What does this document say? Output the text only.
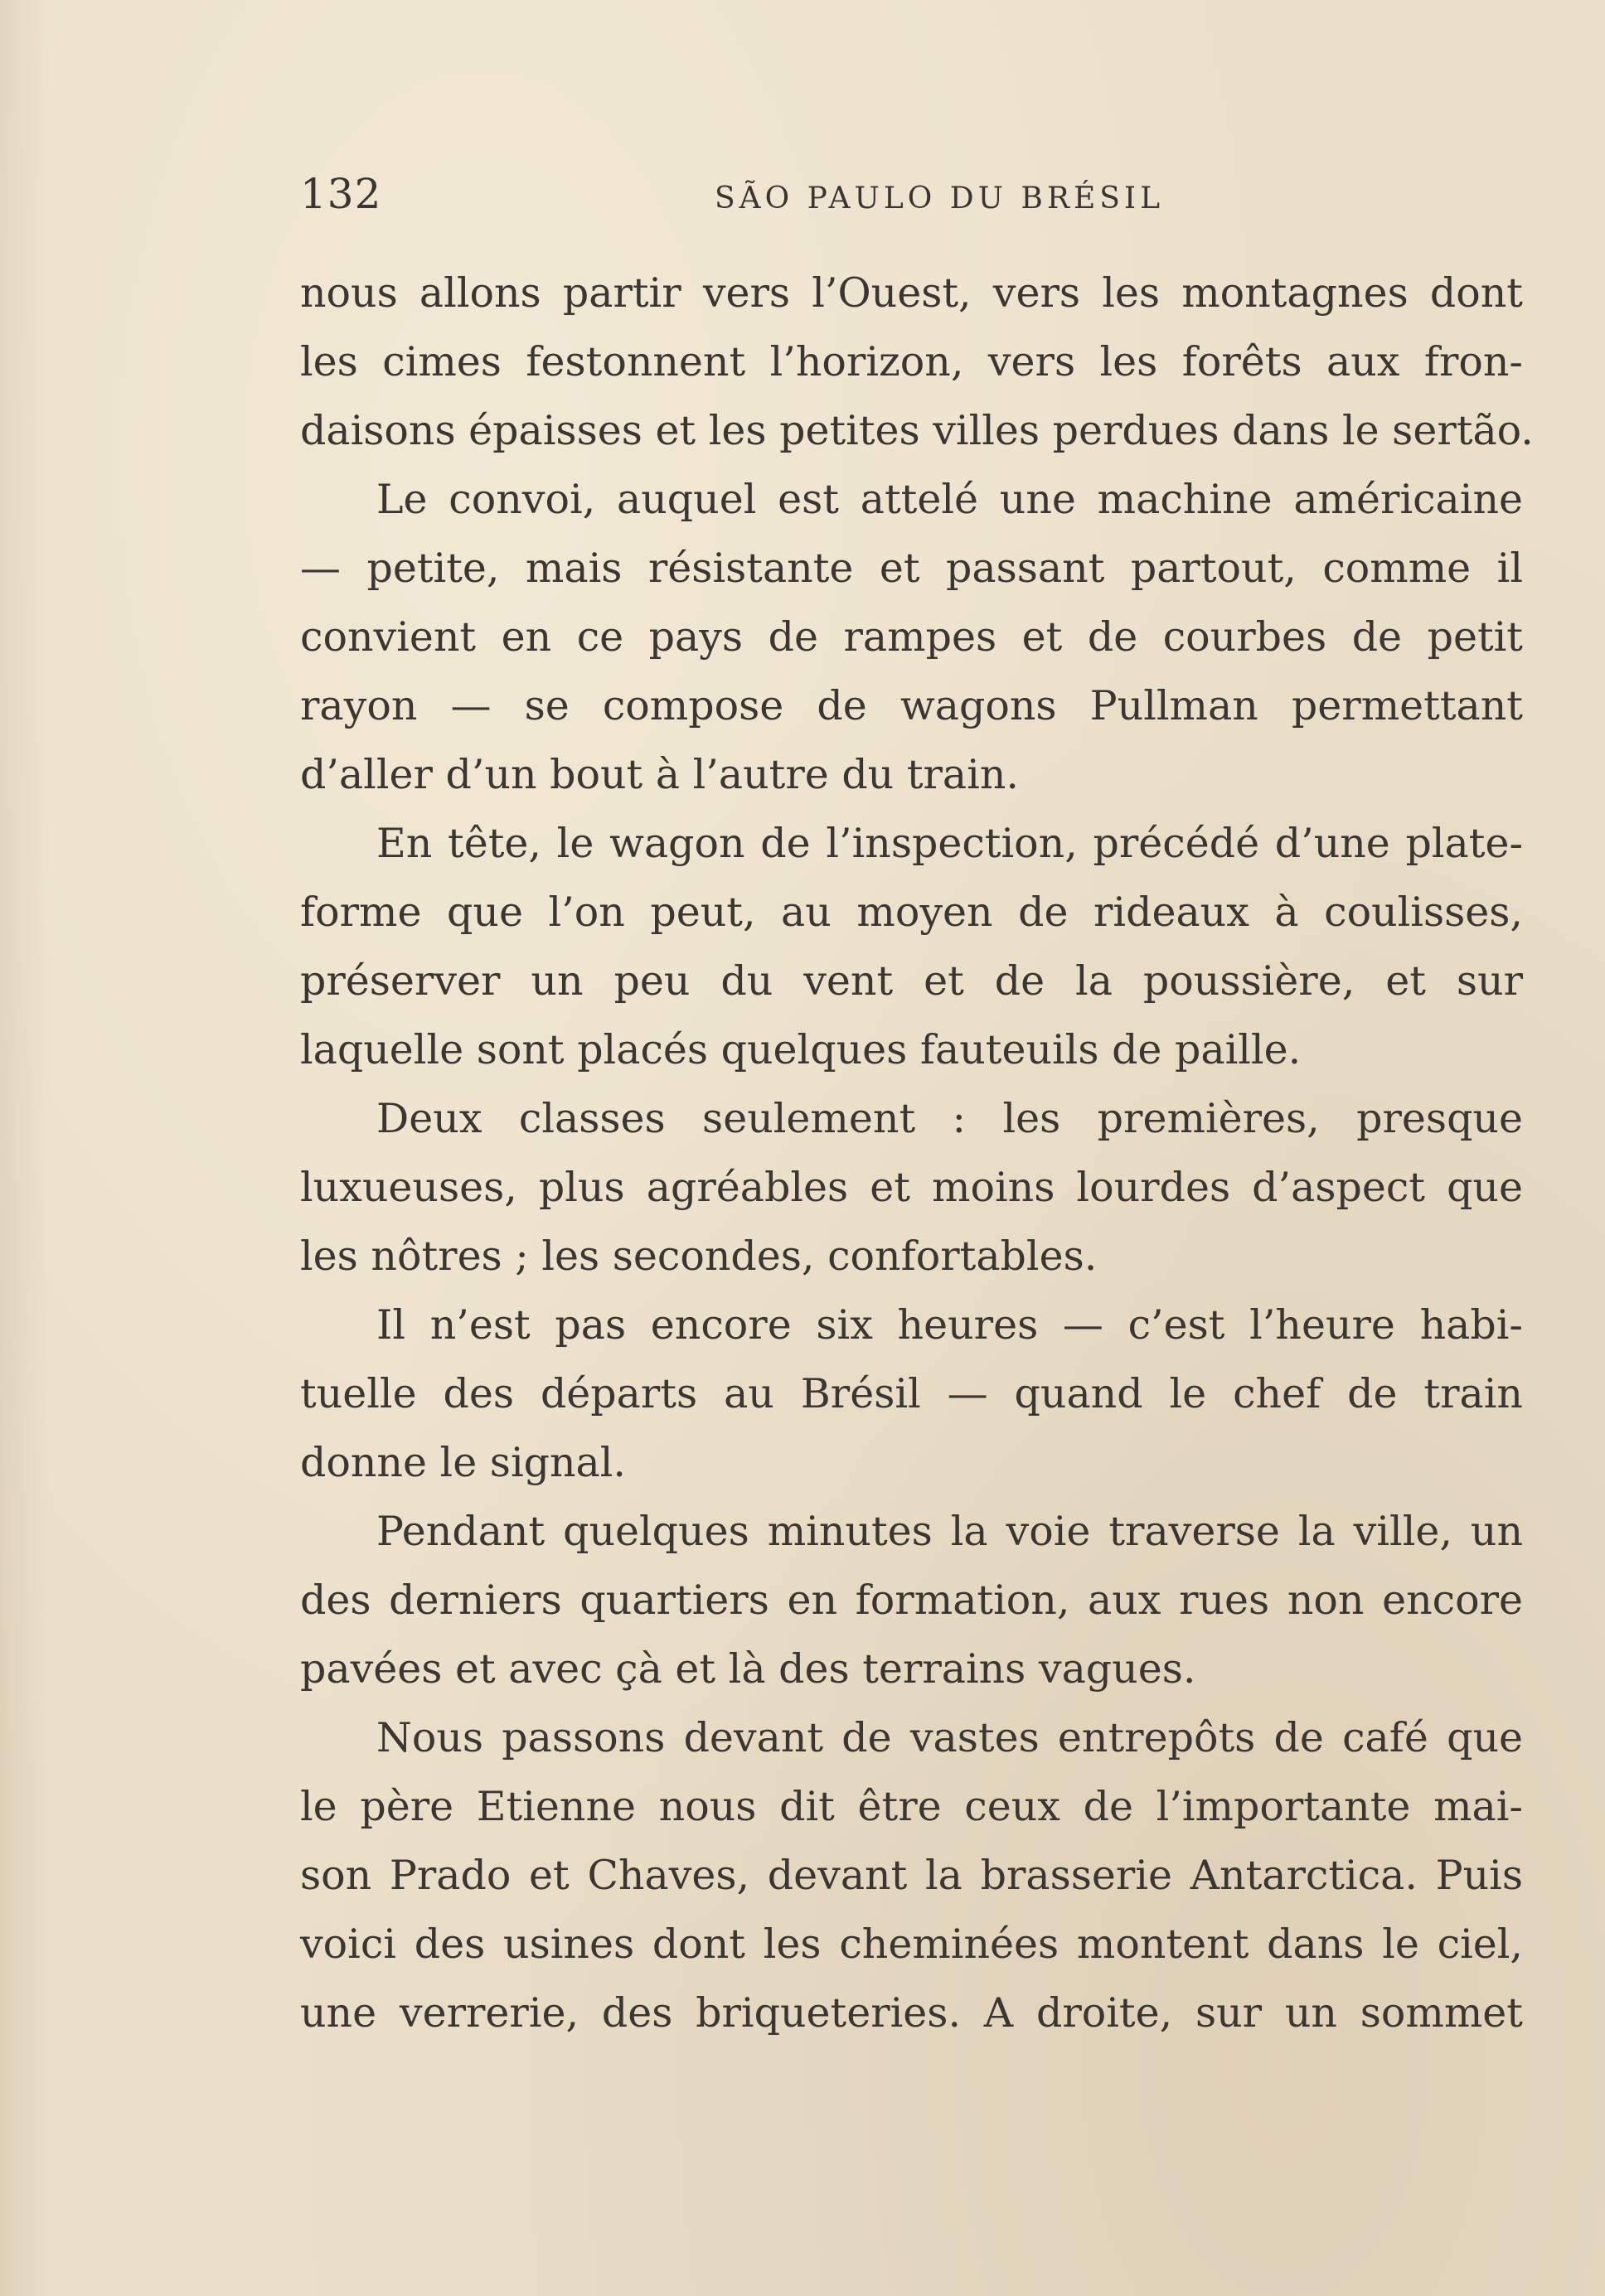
132	SÃO PAULO DU BRÉSIL
nous allons partir vers l’Ouest, vers les montagnes dont
les cimes festonnent l’horizon, vers les forêts aux fron-
daisons épaisses et les petites villes perdues dans le sertão.
Le convoi, auquel est attelé une machine américaine
— petite, mais résistante et passant partout, comme il
convient en ce pays de rampes et de courbes de petit
rayon — se compose de wagons Pullman permettant
d’aller d’un bout à l’autre du train.
En tête, le wagon de l’inspection, précédé d’une plate-
forme que l’on peut, au moyen de rideaux à coulisses,
préserver un peu du vent et de la poussière, et sur
laquelle sont placés quelques fauteuils de paille.
Deux classes seulement : les premières, presque
luxueuses, plus agréables et moins lourdes d’aspect que
les nôtres ; les secondes, confortables.
Il n’est pas encore six heures — c’est l’heure habi-
tuelle des départs au Brésil — quand le chef de train
donne le signal.
Pendant quelques minutes la voie traverse la ville, un
des derniers quartiers en formation, aux rues non encore
pavées et avec çà et là des terrains vagues.
Nous passons devant de vastes entrepôts de café que
le père Etienne nous dit être ceux de l’importante mai-
son Prado et Chaves, devant la brasserie Antarctica. Puis
voici des usines dont les cheminées montent dans le ciel,
une verrerie, des briqueteries. A droite, sur un sommet
